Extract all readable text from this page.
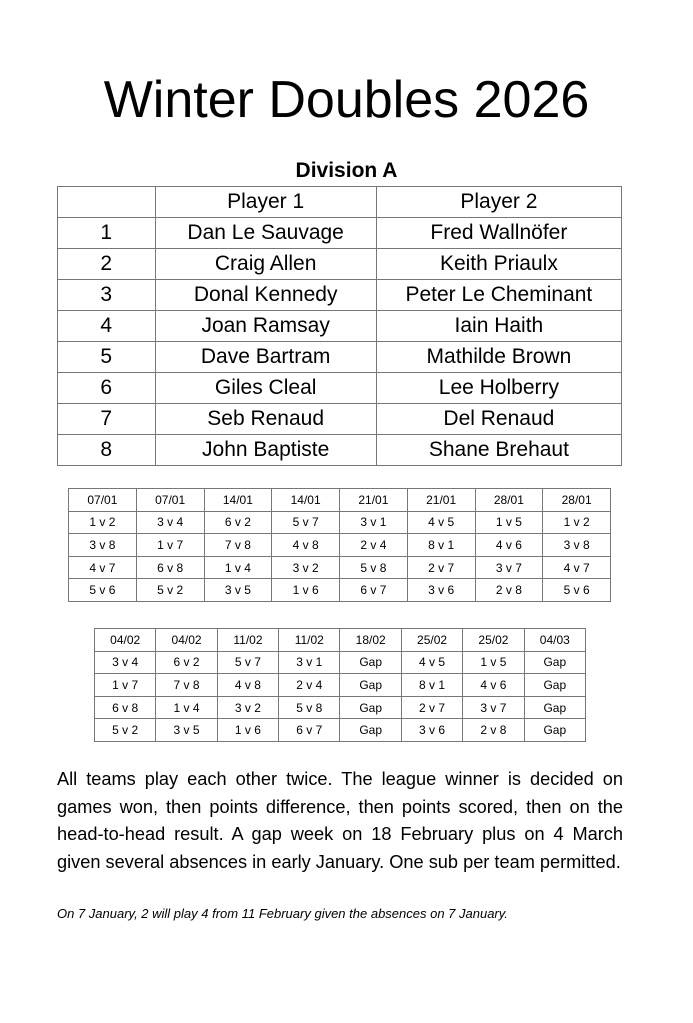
Winter Doubles 2026
Division A
	Player 1	Player 2
1	Dan Le Sauvage	Fred Wallnöfer
2	Craig Allen	Keith Priaulx
3	Donal Kennedy	Peter Le Cheminant
4	Joan Ramsay	Iain Haith
5	Dave Bartram	Mathilde Brown
6	Giles Cleal	Lee Holberry
7	Seb Renaud	Del Renaud
8	John Baptiste	Shane Brehaut
07/01	07/01	14/01	14/01	21/01	21/01	28/01	28/01
1 v 2	3 v 4	6 v 2	5 v 7	3 v 1	4 v 5	1 v 5	1 v 2
3 v 8	1 v 7	7 v 8	4 v 8	2 v 4	8 v 1	4 v 6	3 v 8
4 v 7	6 v 8	1 v 4	3 v 2	5 v 8	2 v 7	3 v 7	4 v 7
5 v 6	5 v 2	3 v 5	1 v 6	6 v 7	3 v 6	2 v 8	5 v 6
04/02	04/02	11/02	11/02	18/02	25/02	25/02	04/03
3 v 4	6 v 2	5 v 7	3 v 1	Gap	4 v 5	1 v 5	Gap
1 v 7	7 v 8	4 v 8	2 v 4	Gap	8 v 1	4 v 6	Gap
6 v 8	1 v 4	3 v 2	5 v 8	Gap	2 v 7	3 v 7	Gap
5 v 2	3 v 5	1 v 6	6 v 7	Gap	3 v 6	2 v 8	Gap
All teams play each other twice. The league winner is decided on games won, then points difference, then points scored, then on the head-to-head result. A gap week on 18 February plus on 4 March given several absences in early January. One sub per team permitted.
On 7 January, 2 will play 4 from 11 February given the absences on 7 January.
